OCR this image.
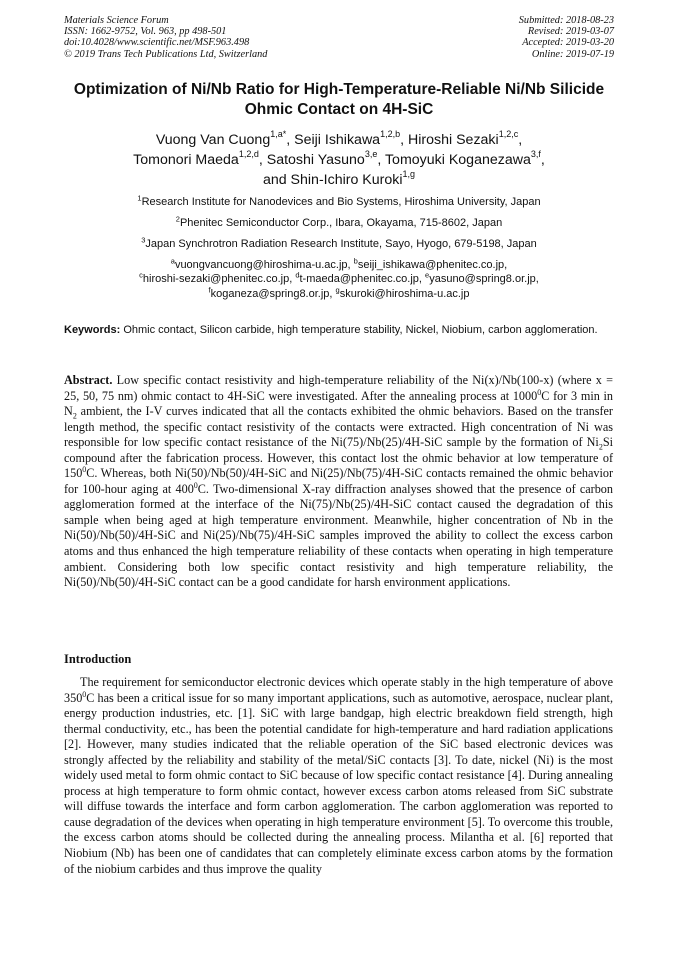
Materials Science Forum
ISSN: 1662-9752, Vol. 963, pp 498-501
doi:10.4028/www.scientific.net/MSF.963.498
© 2019 Trans Tech Publications Ltd, Switzerland
Submitted: 2018-08-23
Revised: 2019-03-07
Accepted: 2019-03-20
Online: 2019-07-19
Optimization of Ni/Nb Ratio for High-Temperature-Reliable Ni/Nb Silicide
Ohmic Contact on 4H-SiC
Vuong Van Cuong$^{1,a*}$, Seiji Ishikawa$^{1,2,b}$, Hiroshi Sezaki$^{1,2,c}$,
Tomonori Maeda$^{1,2,d}$, Satoshi Yasuno$^{3,e}$, Tomoyuki Koganezawa$^{3,f}$,
and Shin-Ichiro Kuroki$^{1,g}$
$^1$Research Institute for Nanodevices and Bio Systems, Hiroshima University, Japan
$^2$Phenitec Semiconductor Corp., Ibara, Okayama, 715-8602, Japan
$^3$Japan Synchrotron Radiation Research Institute, Sayo, Hyogo, 679-5198, Japan
$^a$vuongvancuong@hiroshima-u.ac.jp, $^b$seiji_ishikawa@phenitec.co.jp,
$^c$hiroshi-sezaki@phenitec.co.jp, $^d$t-maeda@phenitec.co.jp, $^e$yasuno@spring8.or.jp,
$^f$koganeza@spring8.or.jp, $^g$skuroki@hiroshima-u.ac.jp
Keywords: Ohmic contact, Silicon carbide, high temperature stability, Nickel, Niobium, carbon agglomeration.
Abstract. Low specific contact resistivity and high-temperature reliability of the Ni(x)/Nb(100-x) (where x = 25, 50, 75 nm) ohmic contact to 4H-SiC were investigated. After the annealing process at 1000$^0$C for 3 min in $N_2$ ambient, the I-V curves indicated that all the contacts exhibited the ohmic behaviors. Based on the transfer length method, the specific contact resistivity of the contacts were extracted. High concentration of Ni was responsible for low specific contact resistance of the Ni(75)/Nb(25)/4H-SiC sample by the formation of $Ni_2Si$ compound after the fabrication process. However, this contact lost the ohmic behavior at low temperature of $150^0C$. Whereas, both Ni(50)/Nb(50)/4H-SiC and Ni(25)/Nb(75)/4H-SiC contacts remained the ohmic behavior for 100-hour aging at $400^0C$. Two-dimensional X-ray diffraction analyses showed that the presence of carbon agglomeration formed at the interface of the Ni(75)/Nb(25)/4H-SiC contact caused the degradation of this sample when being aged at high temperature environment. Meanwhile, higher concentration of Nb in the Ni(50)/Nb(50)/4H-SiC and Ni(25)/Nb(75)/4H-SiC samples improved the ability to collect the excess carbon atoms and thus enhanced the high temperature reliability of these contacts when operating in high temperature ambient. Considering both low specific contact resistivity and high temperature reliability, the Ni(50)/Nb(50)/4H-SiC contact can be a good candidate for harsh environment applications.
Introduction
The requirement for semiconductor electronic devices which operate stably in the high temperature of above $350^0C$ has been a critical issue for so many important applications, such as automotive, aerospace, nuclear plant, energy production industries, etc. [1]. SiC with large bandgap, high electric breakdown field strength, high thermal conductivity, etc., has been the potential candidate for high-temperature and hard radiation applications [2]. However, many studies indicated that the reliable operation of the SiC based electronic devices was strongly affected by the reliability and stability of the metal/SiC contacts [3]. To date, nickel (Ni) is the most widely used metal to form ohmic contact to SiC because of low specific contact resistance [4]. During annealing process at high temperature to form ohmic contact, however excess carbon atoms released from SiC substrate will diffuse towards the interface and form carbon agglomeration. The carbon agglomeration was reported to cause degradation of the devices when operating in high temperature environment [5]. To overcome this trouble, the excess carbon atoms should be collected during the annealing process. Milantha et al. [6] reported that Niobium (Nb) has been one of candidates that can completely eliminate excess carbon atoms by the formation of the niobium carbides and thus improve the quality
